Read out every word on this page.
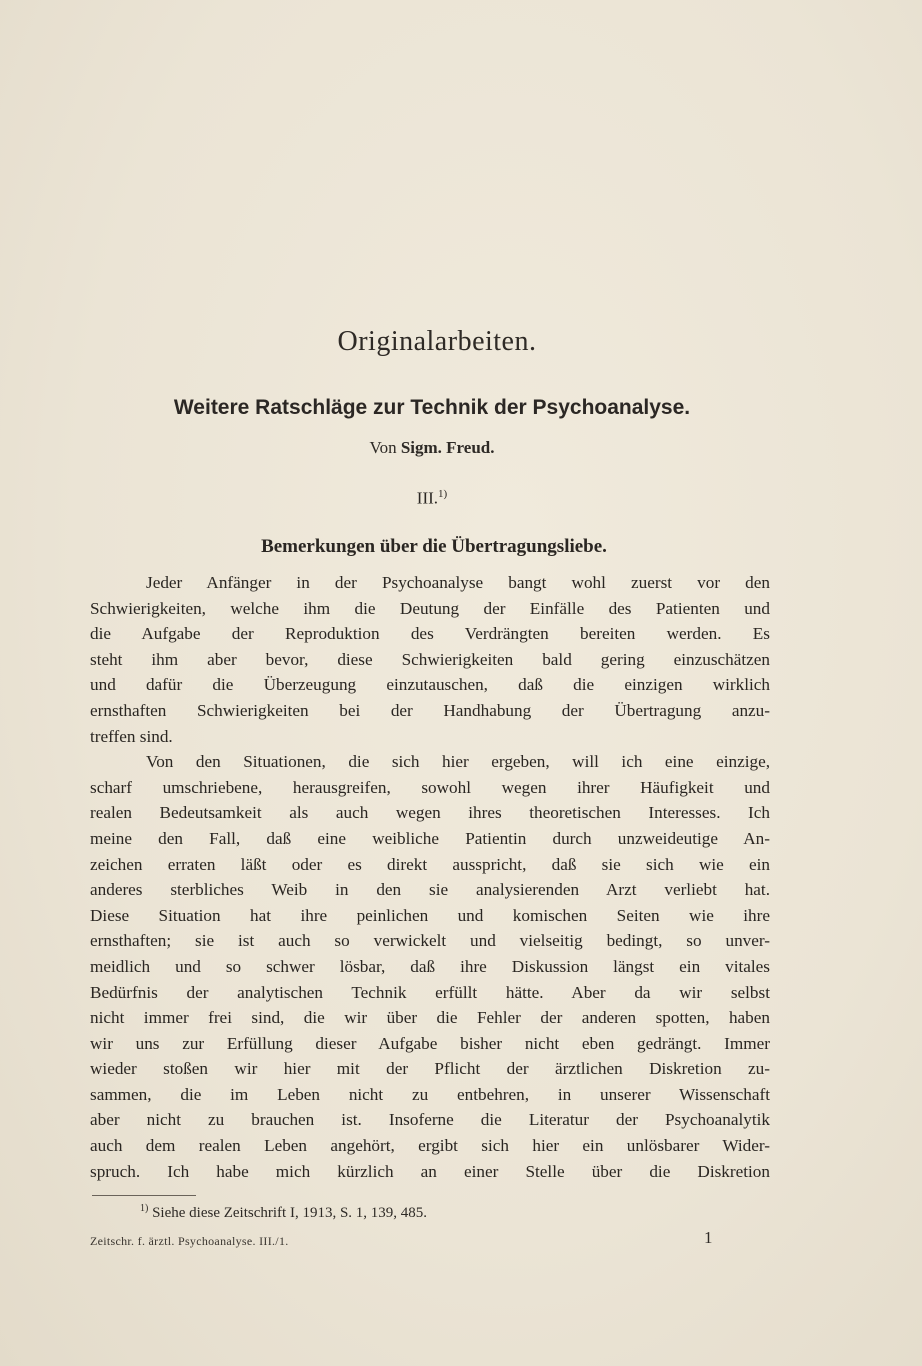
Originalarbeiten.
Weitere Ratschläge zur Technik der Psychoanalyse.
Von Sigm. Freud.
III.$^{1)}$
Bemerkungen über die Übertragungsliebe.
Jeder Anfänger in der Psychoanalyse bangt wohl zuerst vor den
Schwierigkeiten, welche ihm die Deutung der Einfälle des Patienten und
die Aufgabe der Reproduktion des Verdrängten bereiten werden. Es
steht ihm aber bevor, diese Schwierigkeiten bald gering einzuschätzen
und dafür die Überzeugung einzutauschen, daß die einzigen wirklich
ernsthaften Schwierigkeiten bei der Handhabung der Übertragung anzu-
treffen sind.
Von den Situationen, die sich hier ergeben, will ich eine einzige,
scharf umschriebene, herausgreifen, sowohl wegen ihrer Häufigkeit und
realen Bedeutsamkeit als auch wegen ihres theoretischen Interesses. Ich
meine den Fall, daß eine weibliche Patientin durch unzweideutige An-
zeichen erraten läßt oder es direkt ausspricht, daß sie sich wie ein
anderes sterbliches Weib in den sie analysierenden Arzt verliebt hat.
Diese Situation hat ihre peinlichen und komischen Seiten wie ihre
ernsthaften; sie ist auch so verwickelt und vielseitig bedingt, so unver-
meidlich und so schwer lösbar, daß ihre Diskussion längst ein vitales
Bedürfnis der analytischen Technik erfüllt hätte. Aber da wir selbst
nicht immer frei sind, die wir über die Fehler der anderen spotten, haben
wir uns zur Erfüllung dieser Aufgabe bisher nicht eben gedrängt. Immer
wieder stoßen wir hier mit der Pflicht der ärztlichen Diskretion zu-
sammen, die im Leben nicht zu entbehren, in unserer Wissenschaft
aber nicht zu brauchen ist. Insoferne die Literatur der Psychoanalytik
auch dem realen Leben angehört, ergibt sich hier ein unlösbarer Wider-
spruch. Ich habe mich kürzlich an einer Stelle über die Diskretion
$^{1)}$ Siehe diese Zeitschrift I, 1913, S. 1, 139, 485.
Zeitschr. f. ärztl. Psychoanalyse. III./1.	1
